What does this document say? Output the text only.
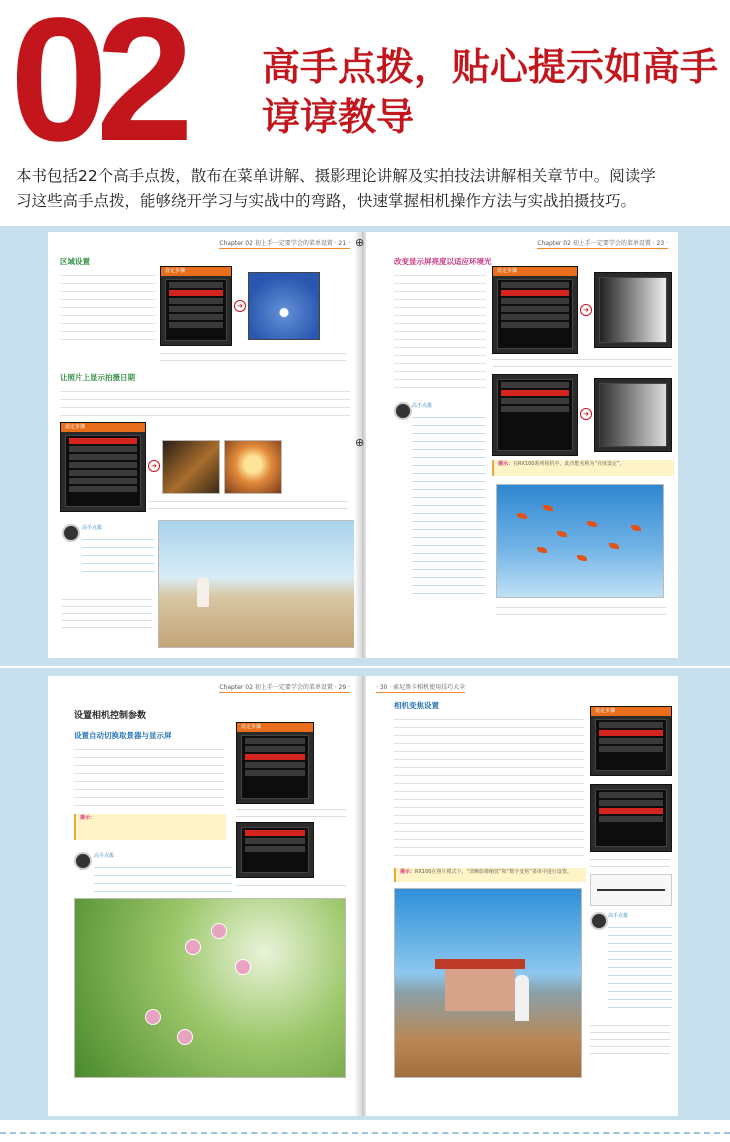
02 高手点拨，贴心提示如高手
谆谆教导
本书包括22个高手点拨，散布在菜单讲解、摄影理论讲解及实拍技法讲解相关章节中。阅读学
习这些高手点拨，能够绕开学习与实战中的弯路，快速掌握相机操作方法与实战拍摄技巧。
Chapter 02 初上手一定要学会的菜单设置 · 21 ·
区域设置
设定步骤
➔
让照片上显示拍摄日期
设定步骤
➔
高手点拨
Chapter 02 初上手一定要学会的菜单设置 · 23 ·
改变显示屏亮度以适应环境光
设定步骤
➔
➔
高手点拨
提示：在RX100系列相机中，此功能名称为“亮度设定”。
⊕
⊕
Chapter 02 初上手一定要学会的菜单设置 · 29 ·
设置相机控制参数
设置自动切换取景器与显示屏
提示：
设定步骤
高手点拨
· 30 · 索尼黑卡相机使用技巧大全
相机变焦设置
提示：RX100在照片模式下，“清晰影像缩放”和“数字变焦”菜单中进行设置。
设定步骤
高手点拨
